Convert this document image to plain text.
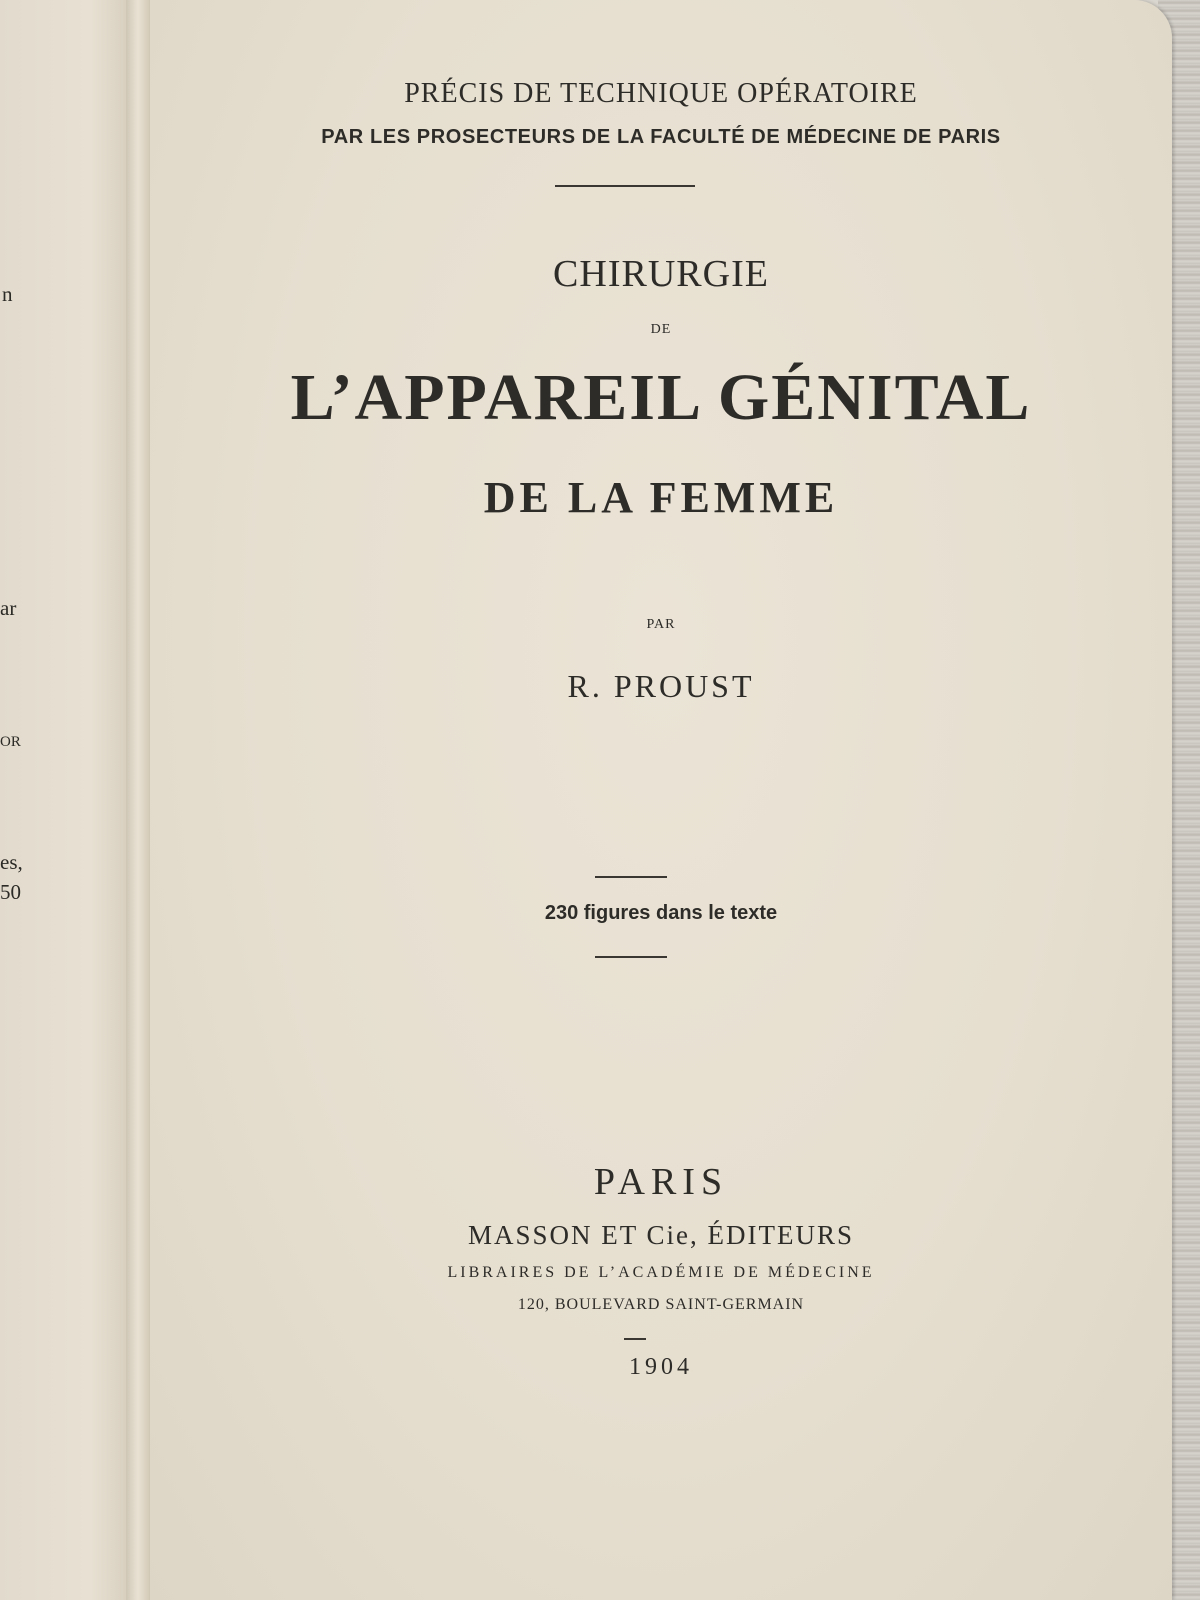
n
ar
OR
es,
50
PRÉCIS DE TECHNIQUE OPÉRATOIRE
PAR LES PROSECTEURS DE LA FACULTÉ DE MÉDECINE DE PARIS
CHIRURGIE
DE
L’APPAREIL GÉNITAL
DE LA FEMME
PAR
R. PROUST
230 figures dans le texte
PARIS
MASSON ET Cie, ÉDITEURS
LIBRAIRES DE L’ACADÉMIE DE MÉDECINE
120, BOULEVARD SAINT-GERMAIN
1904
